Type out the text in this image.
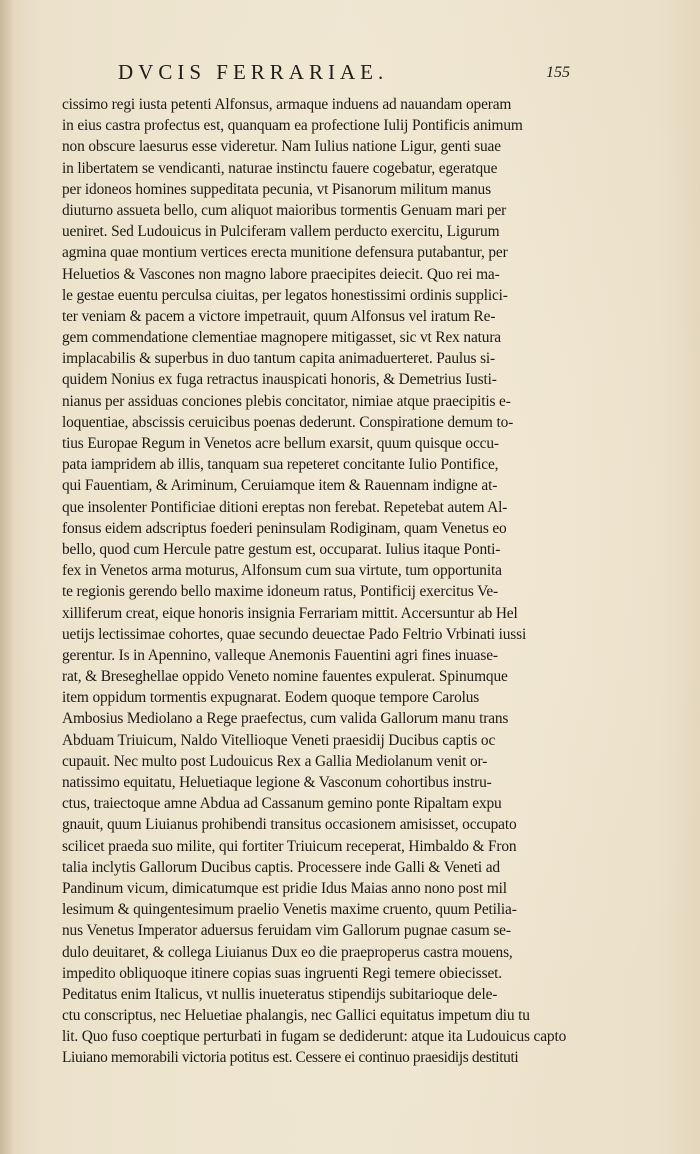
DVCIS FERRARIAE.	155
cissimo regi iusta petenti Alfonsus, armaque induens ad nauandam operam
in eius castra profectus est, quanquam ea profectione Iulij Pontificis animum
non obscure laesurus esse videretur. Nam Iulius natione Ligur, genti suae
in libertatem se vendicanti, naturae instinctu fauere cogebatur, egeratque
per idoneos homines suppeditata pecunia, vt Pisanorum militum manus
diuturno assueta bello, cum aliquot maioribus tormentis Genuam mari per
ueniret. Sed Ludouicus in Pulciferam vallem perducto exercitu, Ligurum
agmina quae montium vertices erecta munitione defensura putabantur, per
Heluetios & Vascones non magno labore praecipites deiecit. Quo rei ma-
le gestae euentu perculsa ciuitas, per legatos honestissimi ordinis supplici-
ter veniam & pacem a victore impetrauit, quum Alfonsus vel iratum Re-
gem commendatione clementiae magnopere mitigasset, sic vt Rex natura
implacabilis & superbus in duo tantum capita animaduerteret. Paulus si-
quidem Nonius ex fuga retractus inauspicati honoris, & Demetrius Iusti-
nianus per assiduas conciones plebis concitator, nimiae atque praecipitis e-
loquentiae, abscissis ceruicibus poenas dederunt. Conspiratione demum to-
tius Europae Regum in Venetos acre bellum exarsit, quum quisque occu-
pata iampridem ab illis, tanquam sua repeteret concitante Iulio Pontifice,
qui Fauentiam, & Ariminum, Ceruiamque item & Rauennam indigne at-
que insolenter Pontificiae ditioni ereptas non ferebat. Repetebat autem Al-
fonsus eidem adscriptus foederi peninsulam Rodiginam, quam Venetus eo
bello, quod cum Hercule patre gestum est, occuparat. Iulius itaque Ponti-
fex in Venetos arma moturus, Alfonsum cum sua virtute, tum opportunita
te regionis gerendo bello maxime idoneum ratus, Pontificij exercitus Ve-
xilliferum creat, eique honoris insignia Ferrariam mittit. Accersuntur ab Hel
uetijs lectissimae cohortes, quae secundo deuectae Pado Feltrio Vrbinati iussi
gerentur. Is in Apennino, valleque Anemonis Fauentini agri fines inuase-
rat, & Breseghellae oppido Veneto nomine fauentes expulerat. Spinumque
item oppidum tormentis expugnarat. Eodem quoque tempore Carolus
Ambosius Mediolano a Rege praefectus, cum valida Gallorum manu trans
Abduam Triuicum, Naldo Vitellioque Veneti praesidij Ducibus captis oc
cupauit. Nec multo post Ludouicus Rex a Gallia Mediolanum venit or-
natissimo equitatu, Heluetiaque legione & Vasconum cohortibus instru-
ctus, traiectoque amne Abdua ad Cassanum gemino ponte Ripaltam expu
gnauit, quum Liuianus prohibendi transitus occasionem amisisset, occupato
scilicet praeda suo milite, qui fortiter Triuicum receperat, Himbaldo & Fron
talia inclytis Gallorum Ducibus captis. Processere inde Galli & Veneti ad
Pandinum vicum, dimicatumque est pridie Idus Maias anno nono post mil
lesimum & quingentesimum praelio Venetis maxime cruento, quum Petilia-
nus Venetus Imperator aduersus feruidam vim Gallorum pugnae casum se-
dulo deuitaret, & collega Liuianus Dux eo die praeproperus castra mouens,
impedito obliquoque itinere copias suas ingruenti Regi temere obiecisset.
Peditatus enim Italicus, vt nullis inueteratus stipendijs subitarioque dele-
ctu conscriptus, nec Heluetiae phalangis, nec Gallici equitatus impetum diu tu
lit. Quo fuso coeptique perturbati in fugam se dediderunt: atque ita Ludouicus capto
Liuiano memorabili victoria potitus est. Cessere ei continuo praesidijs destituti
